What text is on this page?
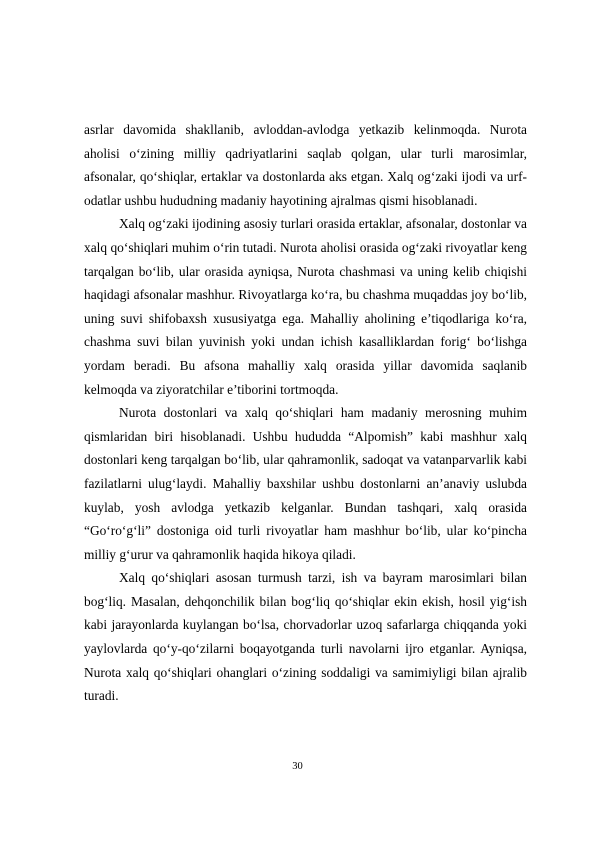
asrlar davomida shakllanib, avloddan-avlodga yetkazib kelinmoqda. Nurota aholisi o‘zining milliy qadriyatlarini saqlab qolgan, ular turli marosimlar, afsonalar, qo‘shiqlar, ertaklar va dostonlarda aks etgan. Xalq og‘zaki ijodi va urf-odatlar ushbu hududning madaniy hayotining ajralmas qismi hisoblanadi.

Xalq og‘zaki ijodining asosiy turlari orasida ertaklar, afsonalar, dostonlar va xalq qo‘shiqlari muhim o‘rin tutadi. Nurota aholisi orasida og‘zaki rivoyatlar keng tarqalgan bo‘lib, ular orasida ayniqsa, Nurota chashmasi va uning kelib chiqishi haqidagi afsonalar mashhur. Rivoyatlarga ko‘ra, bu chashma muqaddas joy bo‘lib, uning suvi shifobaxsh xususiyatga ega. Mahalliy aholining e’tiqodlariga ko‘ra, chashma suvi bilan yuvinish yoki undan ichish kasalliklardan forig‘ bo‘lishga yordam beradi. Bu afsona mahalliy xalq orasida yillar davomida saqlanib kelmoqda va ziyoratchilar e’tiborini tortmoqda.

Nurota dostonlari va xalq qo‘shiqlari ham madaniy merosning muhim qismlaridan biri hisoblanadi. Ushbu hududda “Alpomish” kabi mashhur xalq dostonlari keng tarqalgan bo‘lib, ular qahramonlik, sadoqat va vatanparvarlik kabi fazilatlarni ulug‘laydi. Mahalliy baxshilar ushbu dostonlarni an’anaviy uslubda kuylab, yosh avlodga yetkazib kelganlar. Bundan tashqari, xalq orasida “Go‘ro‘g‘li” dostoniga oid turli rivoyatlar ham mashhur bo‘lib, ular ko‘pincha milliy g‘urur va qahramonlik haqida hikoya qiladi.

Xalq qo‘shiqlari asosan turmush tarzi, ish va bayram marosimlari bilan bog‘liq. Masalan, dehqonchilik bilan bog‘liq qo‘shiqlar ekin ekish, hosil yig‘ish kabi jarayonlarda kuylangan bo‘lsa, chorvadorlar uzoq safarlarga chiqqanda yoki yaylovlarda qo‘y-qo‘zilarni boqayotganda turli navolarni ijro etganlar. Ayniqsa, Nurota xalq qo‘shiqlari ohanglari o‘zining soddaligi va samimiyligi bilan ajralib turadi.

30
